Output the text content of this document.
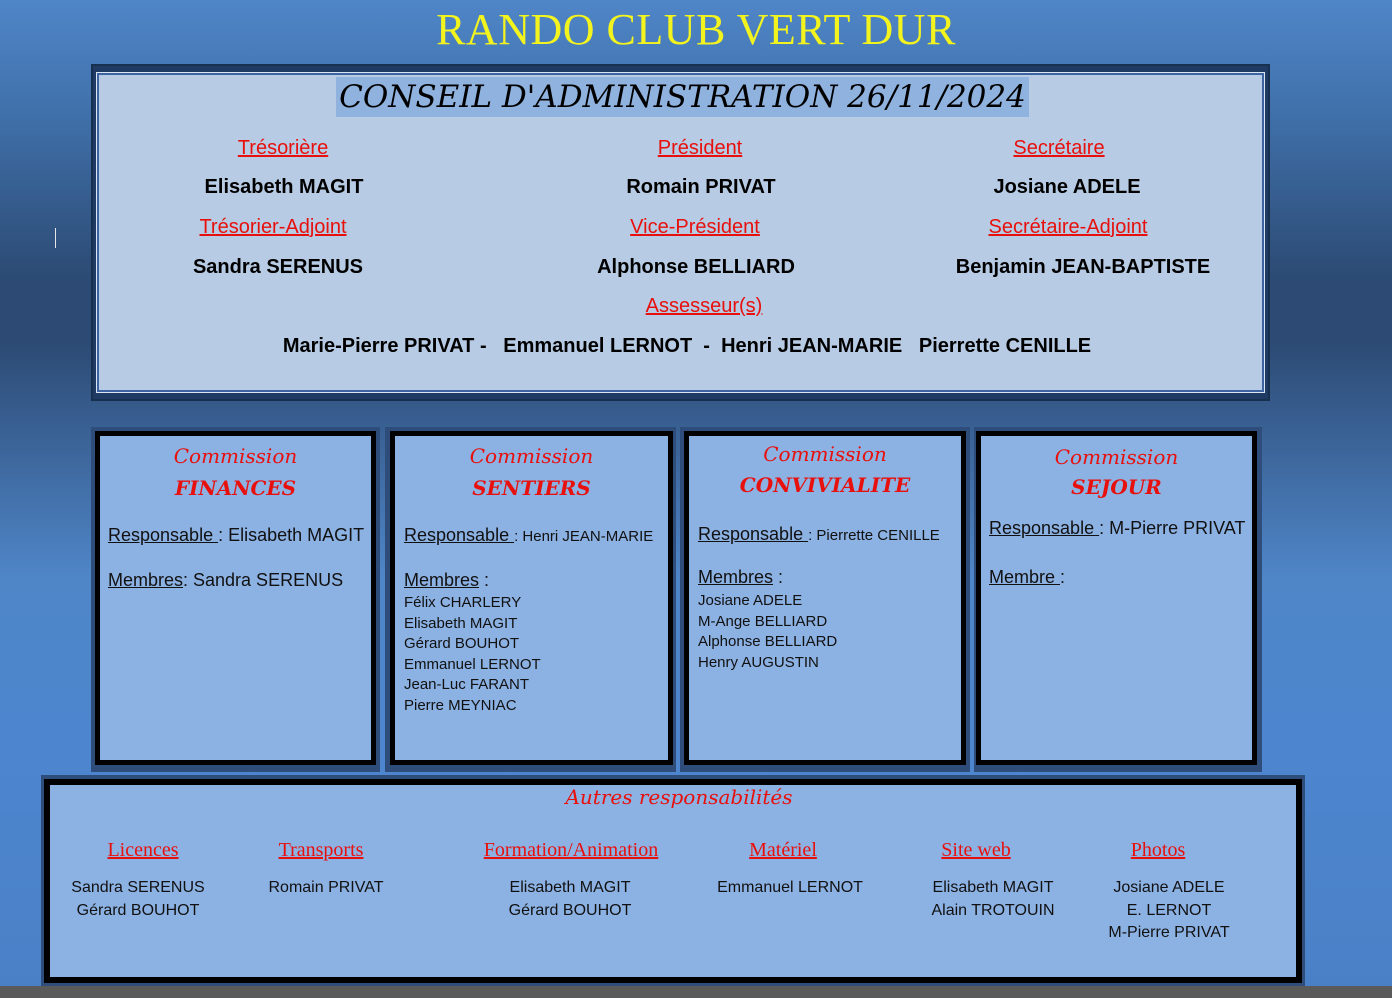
RANDO CLUB VERT DUR
CONSEIL D'ADMINISTRATION 26/11/2024
Trésorière
Elisabeth MAGIT
Président
Romain PRIVAT
Secrétaire
Josiane ADELE
Trésorier-Adjoint
Sandra SERENUS
Vice-Président
Alphonse BELLIARD
Secrétaire-Adjoint
Benjamin JEAN-BAPTISTE
Assesseur(s)
Marie-Pierre PRIVAT -   Emmanuel LERNOT  -  Henri JEAN-MARIE   Pierrette CENILLE
Commission
FINANCES
Responsable : Elisabeth MAGIT
Membres: Sandra SERENUS
Commission
SENTIERS
Responsable : Henri JEAN-MARIE
Membres :
Félix CHARLERY
Elisabeth MAGIT
Gérard BOUHOT
Emmanuel LERNOT
Jean-Luc FARANT
Pierre MEYNIAC
Commission
CONVIVIALITE
Responsable : Pierrette CENILLE
Membres :
Josiane ADELE
M-Ange BELLIARD
Alphonse BELLIARD
Henry AUGUSTIN
Commission
SEJOUR
Responsable : M-Pierre PRIVAT
Membre :
Autres responsabilités
Licences
Sandra SERENUS
Gérard BOUHOT
Transports
Romain PRIVAT
Formation/Animation
Elisabeth MAGIT
Gérard BOUHOT
Matériel
Emmanuel LERNOT
Site web
Elisabeth MAGIT
Alain TROTOUIN
Photos
Josiane ADELE
E. LERNOT
M-Pierre PRIVAT
